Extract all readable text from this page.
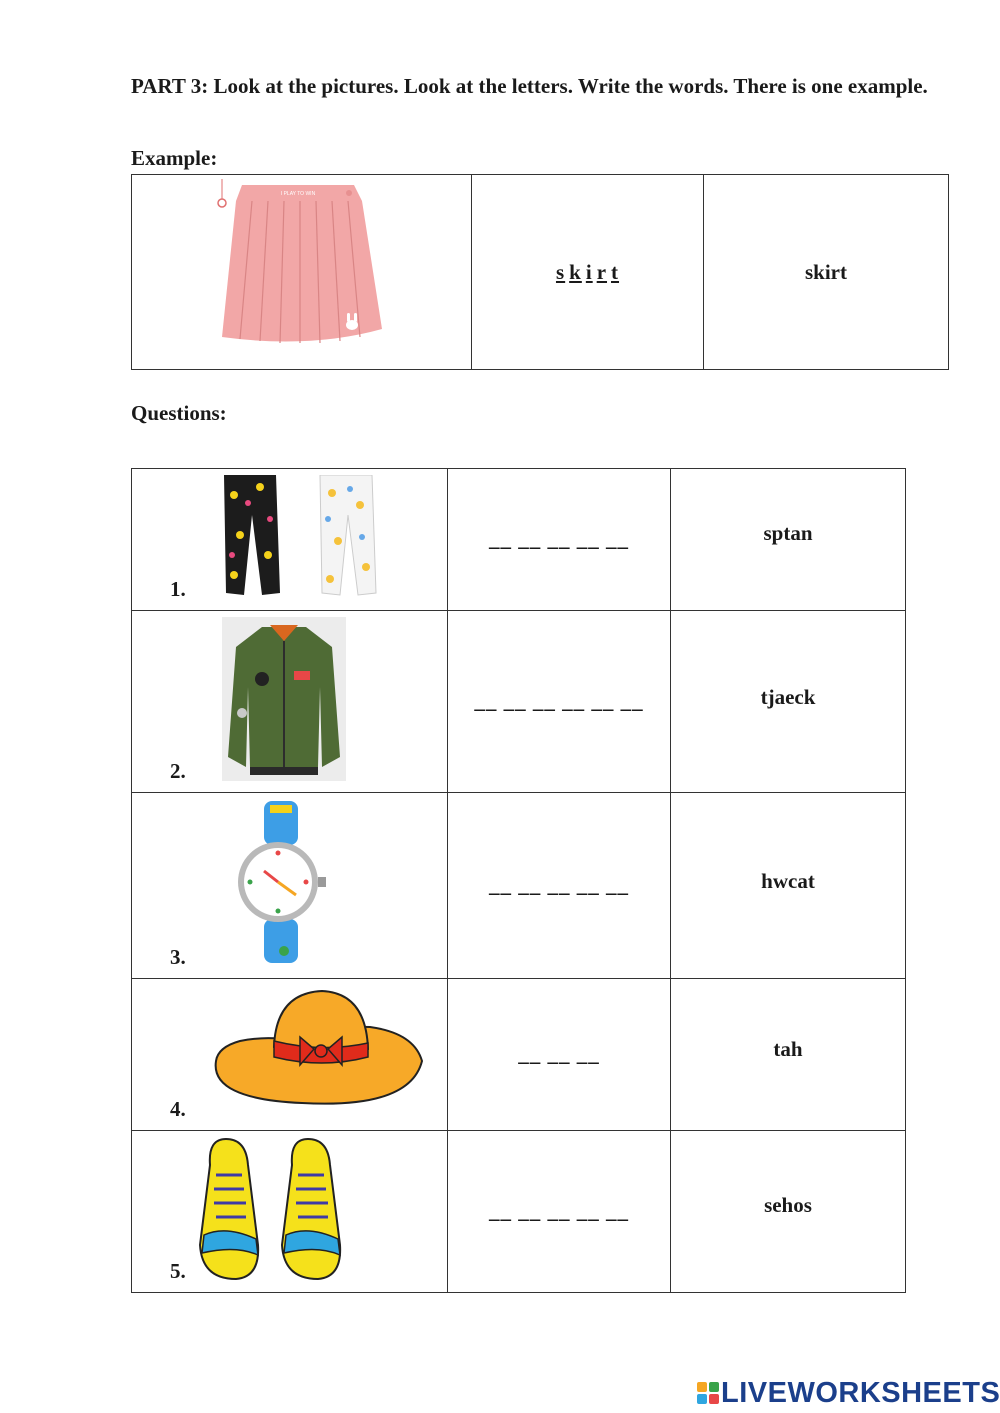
PART 3: Look at the pictures. Look at the letters. Write the words. There is one example.

Example:
I PLAY TO WIN
	s k i r t	skirt
Questions:
1.	__ __ __ __ __	sptan

2.	__ __ __ __ __ __	tjaeck

3.	__ __ __ __ __	hwcat

4.	__ __ __	tah

5.	__ __ __ __ __	sehos
LIVEWORKSHEETS
